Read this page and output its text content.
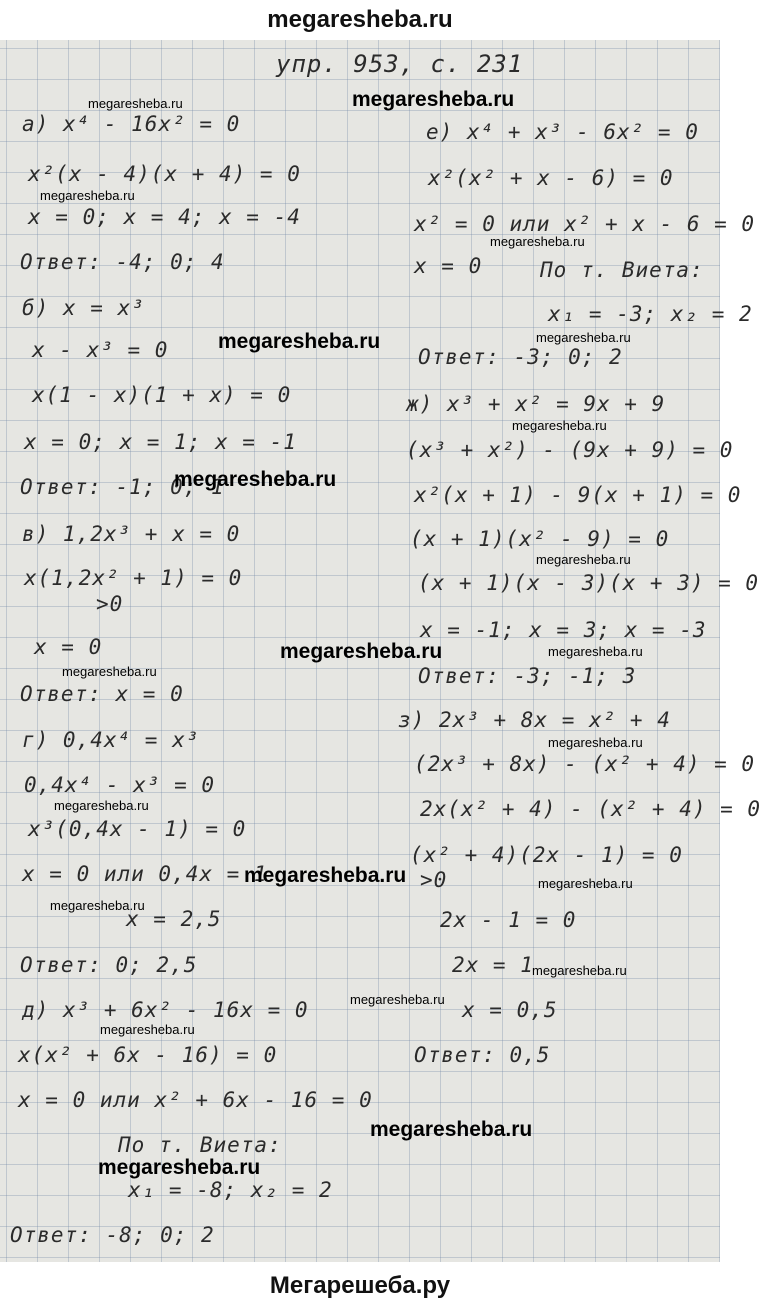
megaresheba.ru
упр. 953, с. 231
а) x⁴ - 16x² = 0
x²(x - 4)(x + 4) = 0
x = 0; x = 4; x = -4
Ответ: -4; 0; 4
б) x = x³
x - x³ = 0
x(1 - x)(1 + x) = 0
x = 0; x = 1; x = -1
Ответ: -1; 0; 1
в) 1,2x³ + x = 0
x(1,2x² + 1) = 0
>0
x = 0
Ответ: x = 0
г) 0,4x⁴ = x³
0,4x⁴ - x³ = 0
x³(0,4x - 1) = 0
x = 0 или 0,4x = 1
x = 2,5
Ответ: 0; 2,5
д) x³ + 6x² - 16x = 0
x(x² + 6x - 16) = 0
x = 0 или x² + 6x - 16 = 0
По т. Виета:
x₁ = -8; x₂ = 2
Ответ: -8; 0; 2
е) x⁴ + x³ - 6x² = 0
x²(x² + x - 6) = 0
x² = 0 или x² + x - 6 = 0
x = 0	По т. Виета:
x₁ = -3; x₂ = 2
Ответ: -3; 0; 2
ж) x³ + x² = 9x + 9
(x³ + x²) - (9x + 9) = 0
x²(x + 1) - 9(x + 1) = 0
(x + 1)(x² - 9) = 0
(x + 1)(x - 3)(x + 3) = 0
x = -1; x = 3; x = -3
Ответ: -3; -1; 3
з) 2x³ + 8x = x² + 4
(2x³ + 8x) - (x² + 4) = 0
2x(x² + 4) - (x² + 4) = 0
(x² + 4)(2x - 1) = 0
>0
2x - 1 = 0
2x = 1
x = 0,5
Ответ: 0,5
megaresheba.ru	megaresheba.ru
megaresheba.ru
megaresheba.ru
megaresheba.ru	megaresheba.ru
megaresheba.ru
megaresheba.ru
megaresheba.ru
megaresheba.ru
megaresheba.ru
megaresheba.ru
megaresheba.ru
megaresheba.ru
megaresheba.ru	megaresheba.ru
megaresheba.ru
megaresheba.ru
megaresheba.ru
megaresheba.ru
megaresheba.ru
megaresheba.ru
Мегарешеба.ру
